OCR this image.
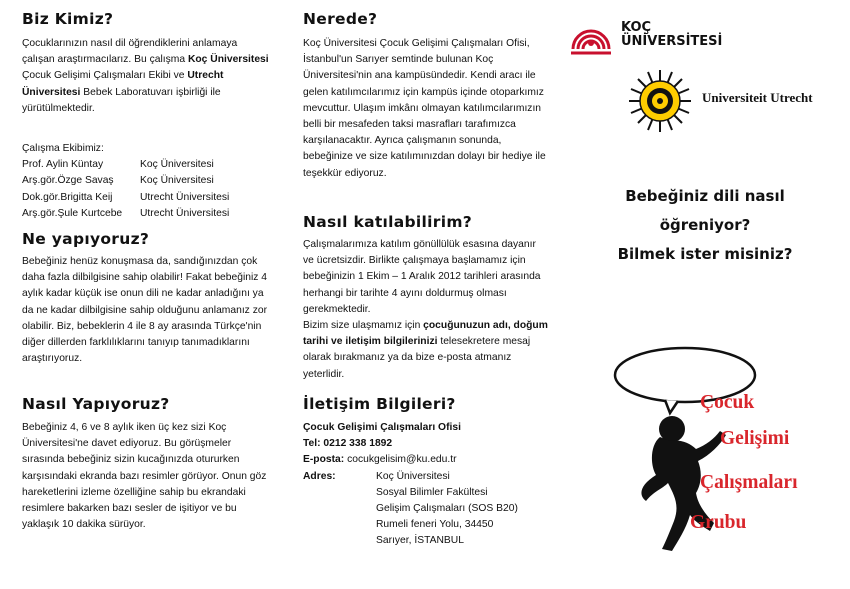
Biz Kimiz?

Çocuklarınızın nasıl dil öğrendiklerini anlamaya çalışan araştırmacılarız. Bu çalışma Koç Üniversitesi Çocuk Gelişimi Çalışmaları Ekibi ve Utrecht Üniversitesi Bebek Laboratuvarı işbirliği ile yürütülmektedir.

Çalışma Ekibimiz:
Prof. Aylin Küntay	Koç Üniversitesi
Arş.gör.Özge Savaş	Koç Üniversitesi
Dok.gör.Brigitta Keij	Utrecht Üniversitesi
Arş.gör.Şule Kurtcebe	Utrecht Üniversitesi
Ne yapıyoruz?

Bebeğiniz henüz konuşmasa da, sandığınızdan çok daha fazla dilbilgisine sahip olabilir! Fakat bebeğiniz 4 aylık kadar küçük ise onun dili ne kadar anladığını ya da ne kadar dilbilgisine sahip olduğunu anlamanız zor olabilir. Biz, bebeklerin 4 ile 8 ay arasında Türkçe'nin diğer dillerden farklılıklarını tanıyıp tanımadıklarını araştırıyoruz.

Nasıl Yapıyoruz?

Bebeğiniz 4, 6 ve 8 aylık iken üç kez sizi Koç Üniversitesi'ne davet ediyoruz. Bu görüşmeler sırasında bebeğiniz sizin kucağınızda otururken karşısındaki ekranda bazı resimler görüyor. Onun göz hareketlerini izleme özelliğine sahip bu ekrandaki resimlere bakarken bazı sesler de işitiyor ve bu yaklaşık 10 dakika sürüyor.

Nerede?

Koç Üniversitesi Çocuk Gelişimi Çalışmaları Ofisi, İstanbul'un Sarıyer semtinde bulunan Koç Üniversitesi'nin ana kampüsündedir. Kendi aracı ile gelen katılımcılarımız için kampüs içinde otoparkımız mevcuttur. Ulaşım imkânı olmayan katılımcılarımızın belli bir mesafeden taksi masrafları tarafımızca karşılanacaktır. Ayrıca çalışmanın sonunda, bebeğinize ve size katılımınızdan dolayı bir hediye ile teşekkür ediyoruz.

Nasıl katılabilirim?

Çalışmalarımıza katılım gönüllülük esasına dayanır ve ücretsizdir. Birlikte çalışmaya başlamamız için bebeğinizin 1 Ekim – 1 Aralık 2012 tarihleri arasında herhangi bir tarihte 4 ayını doldurmuş olması gerekmektedir.

Bizim size ulaşmamız için çocuğunuzun adı, doğum tarihi ve iletişim bilgilerinizi telesekretere mesaj olarak bırakmanız ya da bize e-posta atmanız yeterlidir.

İletişim Bilgileri?
Çocuk Gelişimi Çalışmaları Ofisi
Tel: 0212 338 1892
E-posta: cocukgelisim@ku.edu.tr
Adres:	Koç Üniversitesi
Sosyal Bilimler Fakültesi
Gelişim Çalışmaları (SOS B20)
Rumeli feneri Yolu, 34450
Sarıyer, İSTANBUL
KOÇ
ÜNİVERSİTESİ
Universiteit Utrecht
Bebeğiniz dili nasıl
öğreniyor?
Bilmek ister misiniz?
Çocuk
Gelişimi
Çalışmaları
Grubu
